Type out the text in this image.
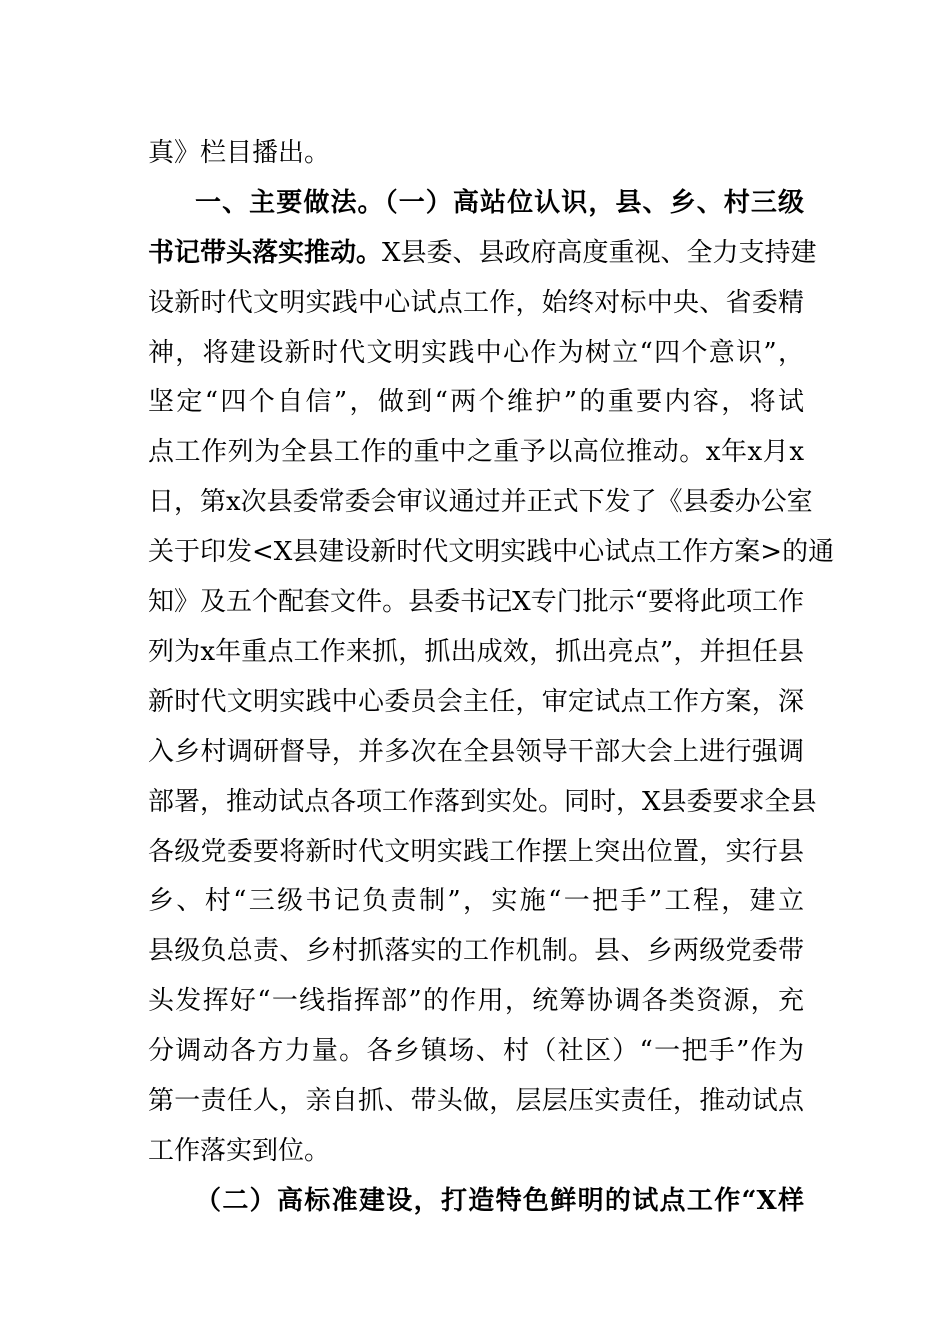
真》栏目播出。
一、主要做法。（一）高站位认识，县、乡、村三级
书记带头落实推动。X县委、县政府高度重视、全力支持建
设新时代文明实践中心试点工作，始终对标中央、省委精
神，将建设新时代文明实践中心作为树立“四个意识”，
坚定“四个自信”，做到“两个维护”的重要内容，将试
点工作列为全县工作的重中之重予以高位推动。x年x月x
日，第x次县委常委会审议通过并正式下发了《县委办公室
关于印发<X县建设新时代文明实践中心试点工作方案>的通
知》及五个配套文件。县委书记X专门批示“要将此项工作
列为x年重点工作来抓，抓出成效，抓出亮点”，并担任县
新时代文明实践中心委员会主任，审定试点工作方案，深
入乡村调研督导，并多次在全县领导干部大会上进行强调
部署，推动试点各项工作落到实处。同时，X县委要求全县
各级党委要将新时代文明实践工作摆上突出位置，实行县
乡、村“三级书记负责制”，实施“一把手”工程，建立
县级负总责、乡村抓落实的工作机制。县、乡两级党委带
头发挥好“一线指挥部”的作用，统筹协调各类资源，充
分调动各方力量。各乡镇场、村（社区）“一把手”作为
第一责任人，亲自抓、带头做，层层压实责任，推动试点
工作落实到位。
（二）高标准建设，打造特色鲜明的试点工作“X样
